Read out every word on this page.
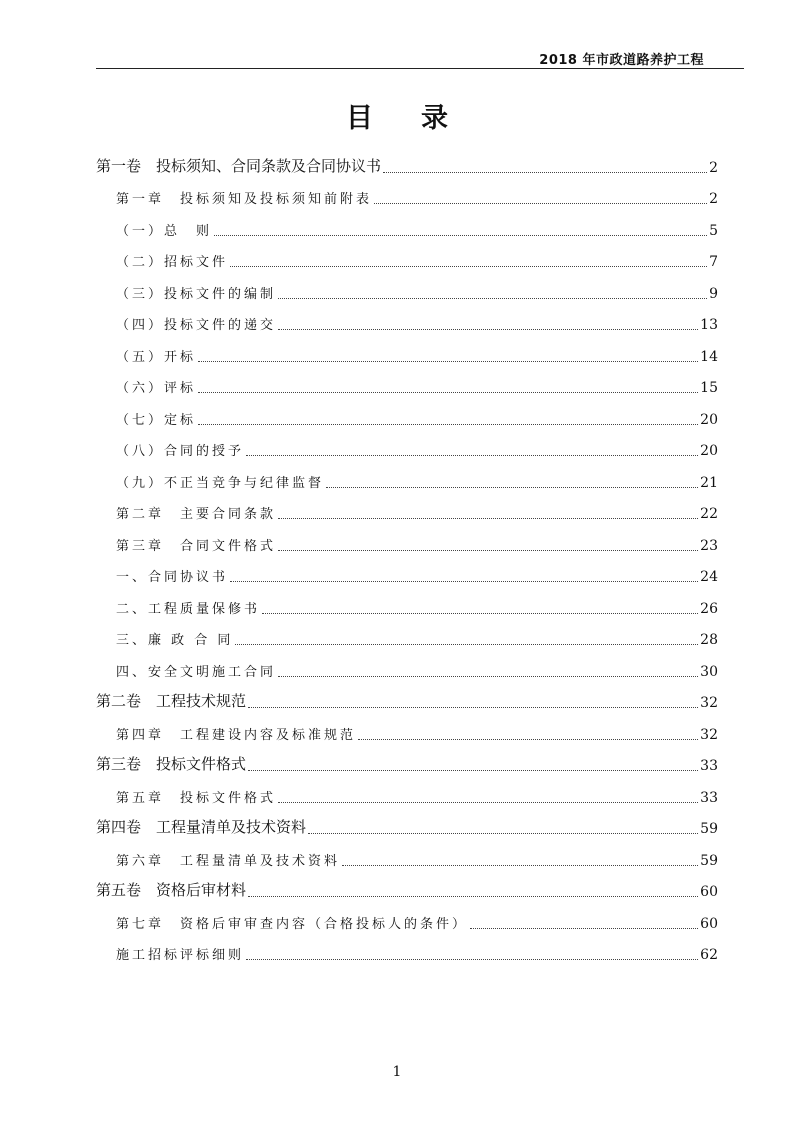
2018 年市政道路养护工程
目录
第一卷　投标须知、合同条款及合同协议书	2
第一章　投标须知及投标须知前附表	2
（一）总　则	5
（二）招标文件	7
（三）投标文件的编制	9
（四）投标文件的递交	13
（五）开标	14
（六）评标	15
（七）定标	20
（八）合同的授予	20
（九）不正当竞争与纪律监督	21
第二章　主要合同条款	22
第三章　合同文件格式	23
一、合同协议书	24
二、工程质量保修书	26
三、廉 政 合 同	28
四、安全文明施工合同	30
第二卷　工程技术规范	32
第四章　工程建设内容及标准规范	32
第三卷　投标文件格式	33
第五章　投标文件格式	33
第四卷　工程量清单及技术资料	59
第六章　工程量清单及技术资料	59
第五卷　资格后审材料	60
第七章　资格后审审查内容（合格投标人的条件）	60
施工招标评标细则	62
1
